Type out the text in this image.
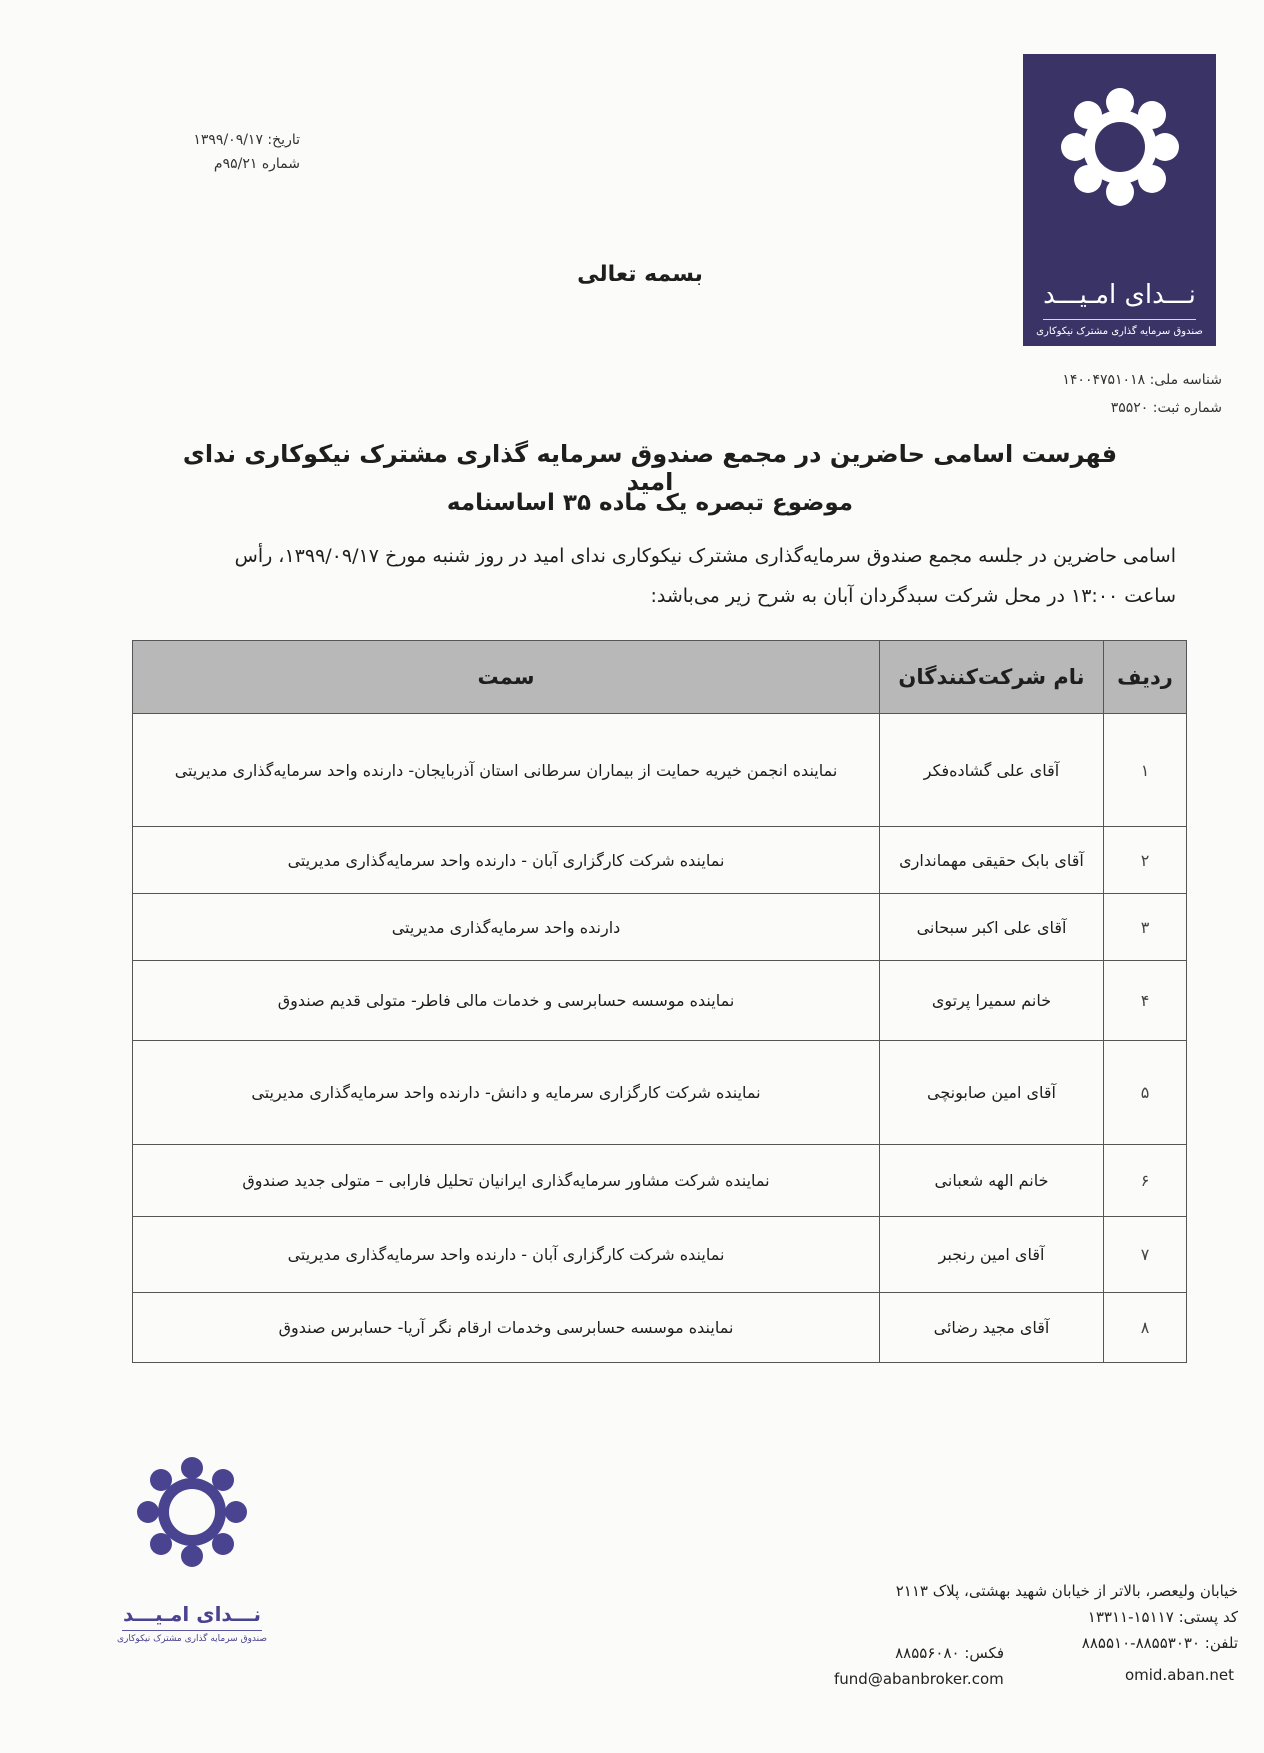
تاریخ: ۱۳۹۹/۰۹/۱۷
شماره ۹۵/۲۱م
نـــدای امـیـــد
صندوق سرمایه گذاری مشترک نیکوکاری
بسمه تعالی
شناسه ملی: ۱۴۰۰۴۷۵۱۰۱۸
شماره ثبت: ۳۵۵۲۰
فهرست اسامی حاضرین در مجمع صندوق سرمایه گذاری مشترک نیکوکاری ندای امید
موضوع تبصره یک ماده ۳۵ اساسنامه
اسامی حاضرین در جلسه مجمع صندوق سرمایه‌گذاری مشترک نیکوکاری ندای امید در روز شنبه مورخ ۱۳۹۹/۰۹/۱۷، رأس
ساعت ۱۳:۰۰ در محل شرکت سبدگردان آبان به شرح زیر می‌باشد:
ردیف	نام شرکت‌کنندگان	سمت
۱	آقای علی گشاده‌فکر	نماینده انجمن خیریه حمایت از بیماران سرطانی استان آذربایجان- دارنده واحد سرمایه‌گذاری مدیریتی
۲	آقای بابک حقیقی مهمانداری	نماینده شرکت کارگزاری آبان - دارنده واحد سرمایه‌گذاری مدیریتی
۳	آقای علی اکبر سبحانی	دارنده واحد سرمایه‌گذاری مدیریتی
۴	خانم سمیرا پرتوی	نماینده موسسه حسابرسی و خدمات مالی فاطر- متولی قدیم صندوق
۵	آقای امین صابونچی	نماینده شرکت کارگزاری سرمایه و دانش- دارنده واحد سرمایه‌گذاری مدیریتی
۶	خانم الهه شعبانی	نماینده شرکت مشاور سرمایه‌گذاری ایرانیان تحلیل فارابی – متولی جدید صندوق
۷	آقای امین رنجبر	نماینده شرکت کارگزاری آبان - دارنده واحد سرمایه‌گذاری مدیریتی
۸	آقای مجید رضائی	نماینده موسسه حسابرسی وخدمات ارقام نگر آریا- حسابرس صندوق
نـــدای امـیـــد
صندوق سرمایه گذاری مشترک نیکوکاری
خیابان ولیعصر، بالاتر از خیابان شهید بهشتی، پلاک ۲۱۱۳
کد پستی: ۱۵۱۱۷-۱۳۳۱۱
تلفن: ۸۸۵۵۳۰۳۰-۸۸۵۵۱۰
فکس: ۸۸۵۵۶۰۸۰
fund@abanbroker.com	omid.aban.net
